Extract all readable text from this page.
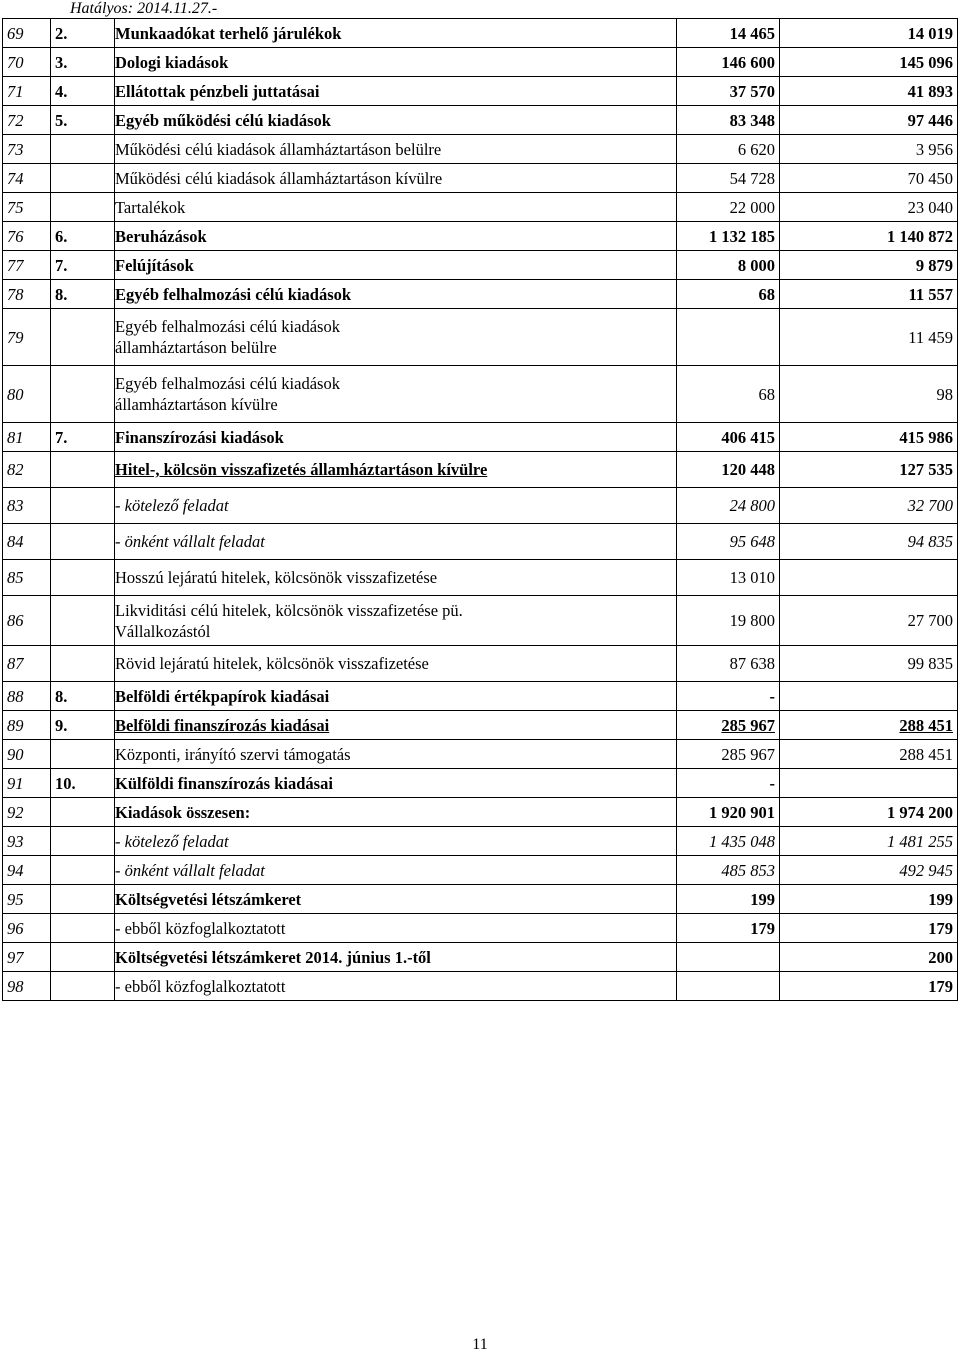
Hatályos: 2014.11.27.-
69	2.	Munkaadókat terhelő járulékok	14 465	14 019
70	3.	Dologi kiadások	146 600	145 096
71	4.	Ellátottak pénzbeli juttatásai	37 570	41 893
72	5.	Egyéb működési célú kiadások	83 348	97 446
73		Működési célú kiadások államháztartáson belülre	6 620	3 956
74		Működési célú kiadások államháztartáson kívülre	54 728	70 450
75		Tartalékok	22 000	23 040
76	6.	Beruházások	1 132 185	1 140 872
77	7.	Felújítások	8 000	9 879
78	8.	Egyéb felhalmozási célú kiadások	68	11 557
79		Egyéb felhalmozási célú kiadások államháztartáson belülre		11 459
80		Egyéb felhalmozási célú kiadások államháztartáson kívülre	68	98
81	7.	Finanszírozási kiadások	406 415	415 986
82		Hitel-, kölcsön visszafizetés államháztartáson kívülre	120 448	127 535
83		- kötelező feladat	24 800	32 700
84		- önként vállalt feladat	95 648	94 835
85		Hosszú lejáratú hitelek, kölcsönök visszafizetése	13 010	
86		Likviditási célú hitelek, kölcsönök visszafizetése pü. Vállalkozástól	19 800	27 700
87		Rövid lejáratú hitelek, kölcsönök visszafizetése	87 638	99 835
88	8.	Belföldi értékpapírok kiadásai	-	
89	9.	Belföldi finanszírozás kiadásai	285 967	288 451
90		Központi, irányító szervi támogatás	285 967	288 451
91	10.	Külföldi finanszírozás kiadásai	-	
92		Kiadások összesen:	1 920 901	1 974 200
93		- kötelező feladat	1 435 048	1 481 255
94		- önként vállalt feladat	485 853	492 945
95		Költségvetési létszámkeret	199	199
96		- ebből közfoglalkoztatott	179	179
97		Költségvetési létszámkeret 2014. június 1.-től		200
98		- ebből közfoglalkoztatott		179
11
